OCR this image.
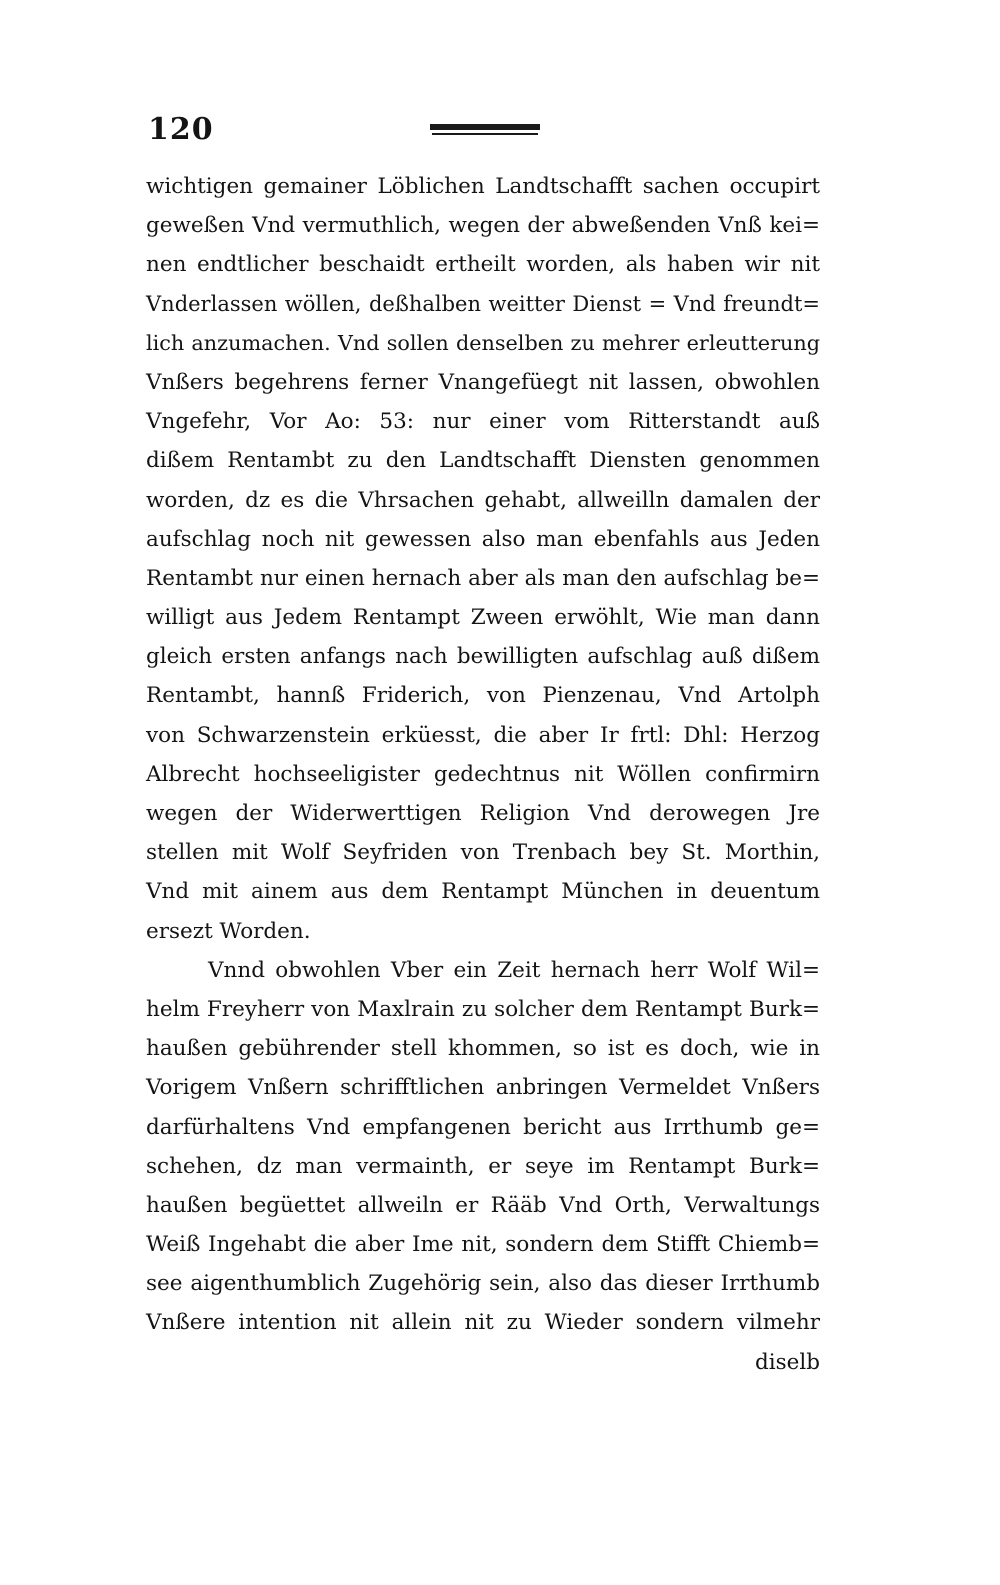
120
wichtigen gemainer Löblichen Landtschafft sachen occupirt
geweßen Vnd vermuthlich, wegen der abweßenden Vnß kei=
nen endtlicher beschaidt ertheilt worden, als haben wir nit
Vnderlassen wöllen, deßhalben weitter Dienst = Vnd freundt=
lich anzumachen. Vnd sollen denselben zu mehrer erleutterung
Vnßers begehrens ferner Vnangefüegt nit lassen, obwohlen
Vngefehr, Vor Ao: 53: nur einer vom Ritterstandt auß
dißem Rentambt zu den Landtschafft Diensten genommen
worden, dz es die Vhrsachen gehabt, allweilln damalen der
aufschlag noch nit gewessen also man ebenfahls aus Jeden
Rentambt nur einen hernach aber als man den aufschlag be=
willigt aus Jedem Rentampt Zween erwöhlt, Wie man dann
gleich ersten anfangs nach bewilligten aufschlag auß dißem
Rentambt, hannß Friderich, von Pienzenau, Vnd Artolph
von Schwarzenstein erküesst, die aber Ir frtl: Dhl: Herzog
Albrecht hochseeligister gedechtnus nit Wöllen confirmirn
wegen der Widerwerttigen Religion Vnd derowegen Jre
stellen mit Wolf Seyfriden von Trenbach bey St. Morthin,
Vnd mit ainem aus dem Rentampt München in deuentum
ersezt Worden.
Vnnd obwohlen Vber ein Zeit hernach herr Wolf Wil=
helm Freyherr von Maxlrain zu solcher dem Rentampt Burk=
haußen gebührender stell khommen, so ist es doch, wie in
Vorigem Vnßern schrifftlichen anbringen Vermeldet Vnßers
darfürhaltens Vnd empfangenen bericht aus Irrthumb ge=
schehen, dz man vermainth, er seye im Rentampt Burk=
haußen begüettet allweiln er Rääb Vnd Orth, Verwaltungs
Weiß Ingehabt die aber Ime nit, sondern dem Stifft Chiemb=
see aigenthumblich Zugehörig sein, also das dieser Irrthumb
Vnßere intention nit allein nit zu Wieder sondern vilmehr
diselb
